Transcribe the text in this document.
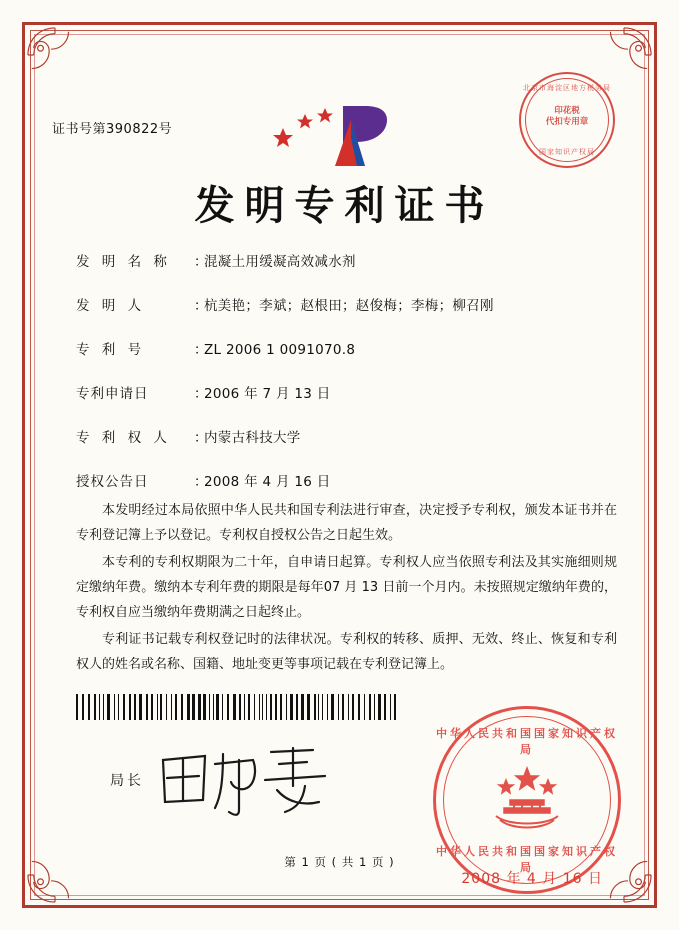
证书号第390822号
北京市海淀区地方税务局
印花税
代扣专用章
国家知识产权局
发明专利证书
发 明 名 称	：
混凝土用缓凝高效减水剂
发 明 人	：
杭美艳；李斌；赵根田；赵俊梅；李梅；柳召刚
专 利 号	：
ZL 2006 1 0091070.8
专利申请日	：
2006 年 7 月 13 日
专 利 权 人	：
内蒙古科技大学
授权公告日	：
2008 年 4 月 16 日

本发明经过本局依照中华人民共和国专利法进行审查，决定授予专利权，颁发本证书并在专利登记簿上予以登记。专利权自授权公告之日起生效。

本专利的专利权期限为二十年，自申请日起算。专利权人应当依照专利法及其实施细则规定缴纳年费。缴纳本专利年费的期限是每年07 月 13 日前一个月内。未按照规定缴纳年费的，专利权自应当缴纳年费期满之日起终止。

专利证书记载专利权登记时的法律状况。专利权的转移、质押、无效、终止、恢复和专利权人的姓名或名称、国籍、地址变更等事项记载在专利登记簿上。

局长
中华人民共和国国家知识产权局
中华人民共和国国家知识产权局
2008 年 4 月 16 日
第 1 页 ( 共 1 页 )
